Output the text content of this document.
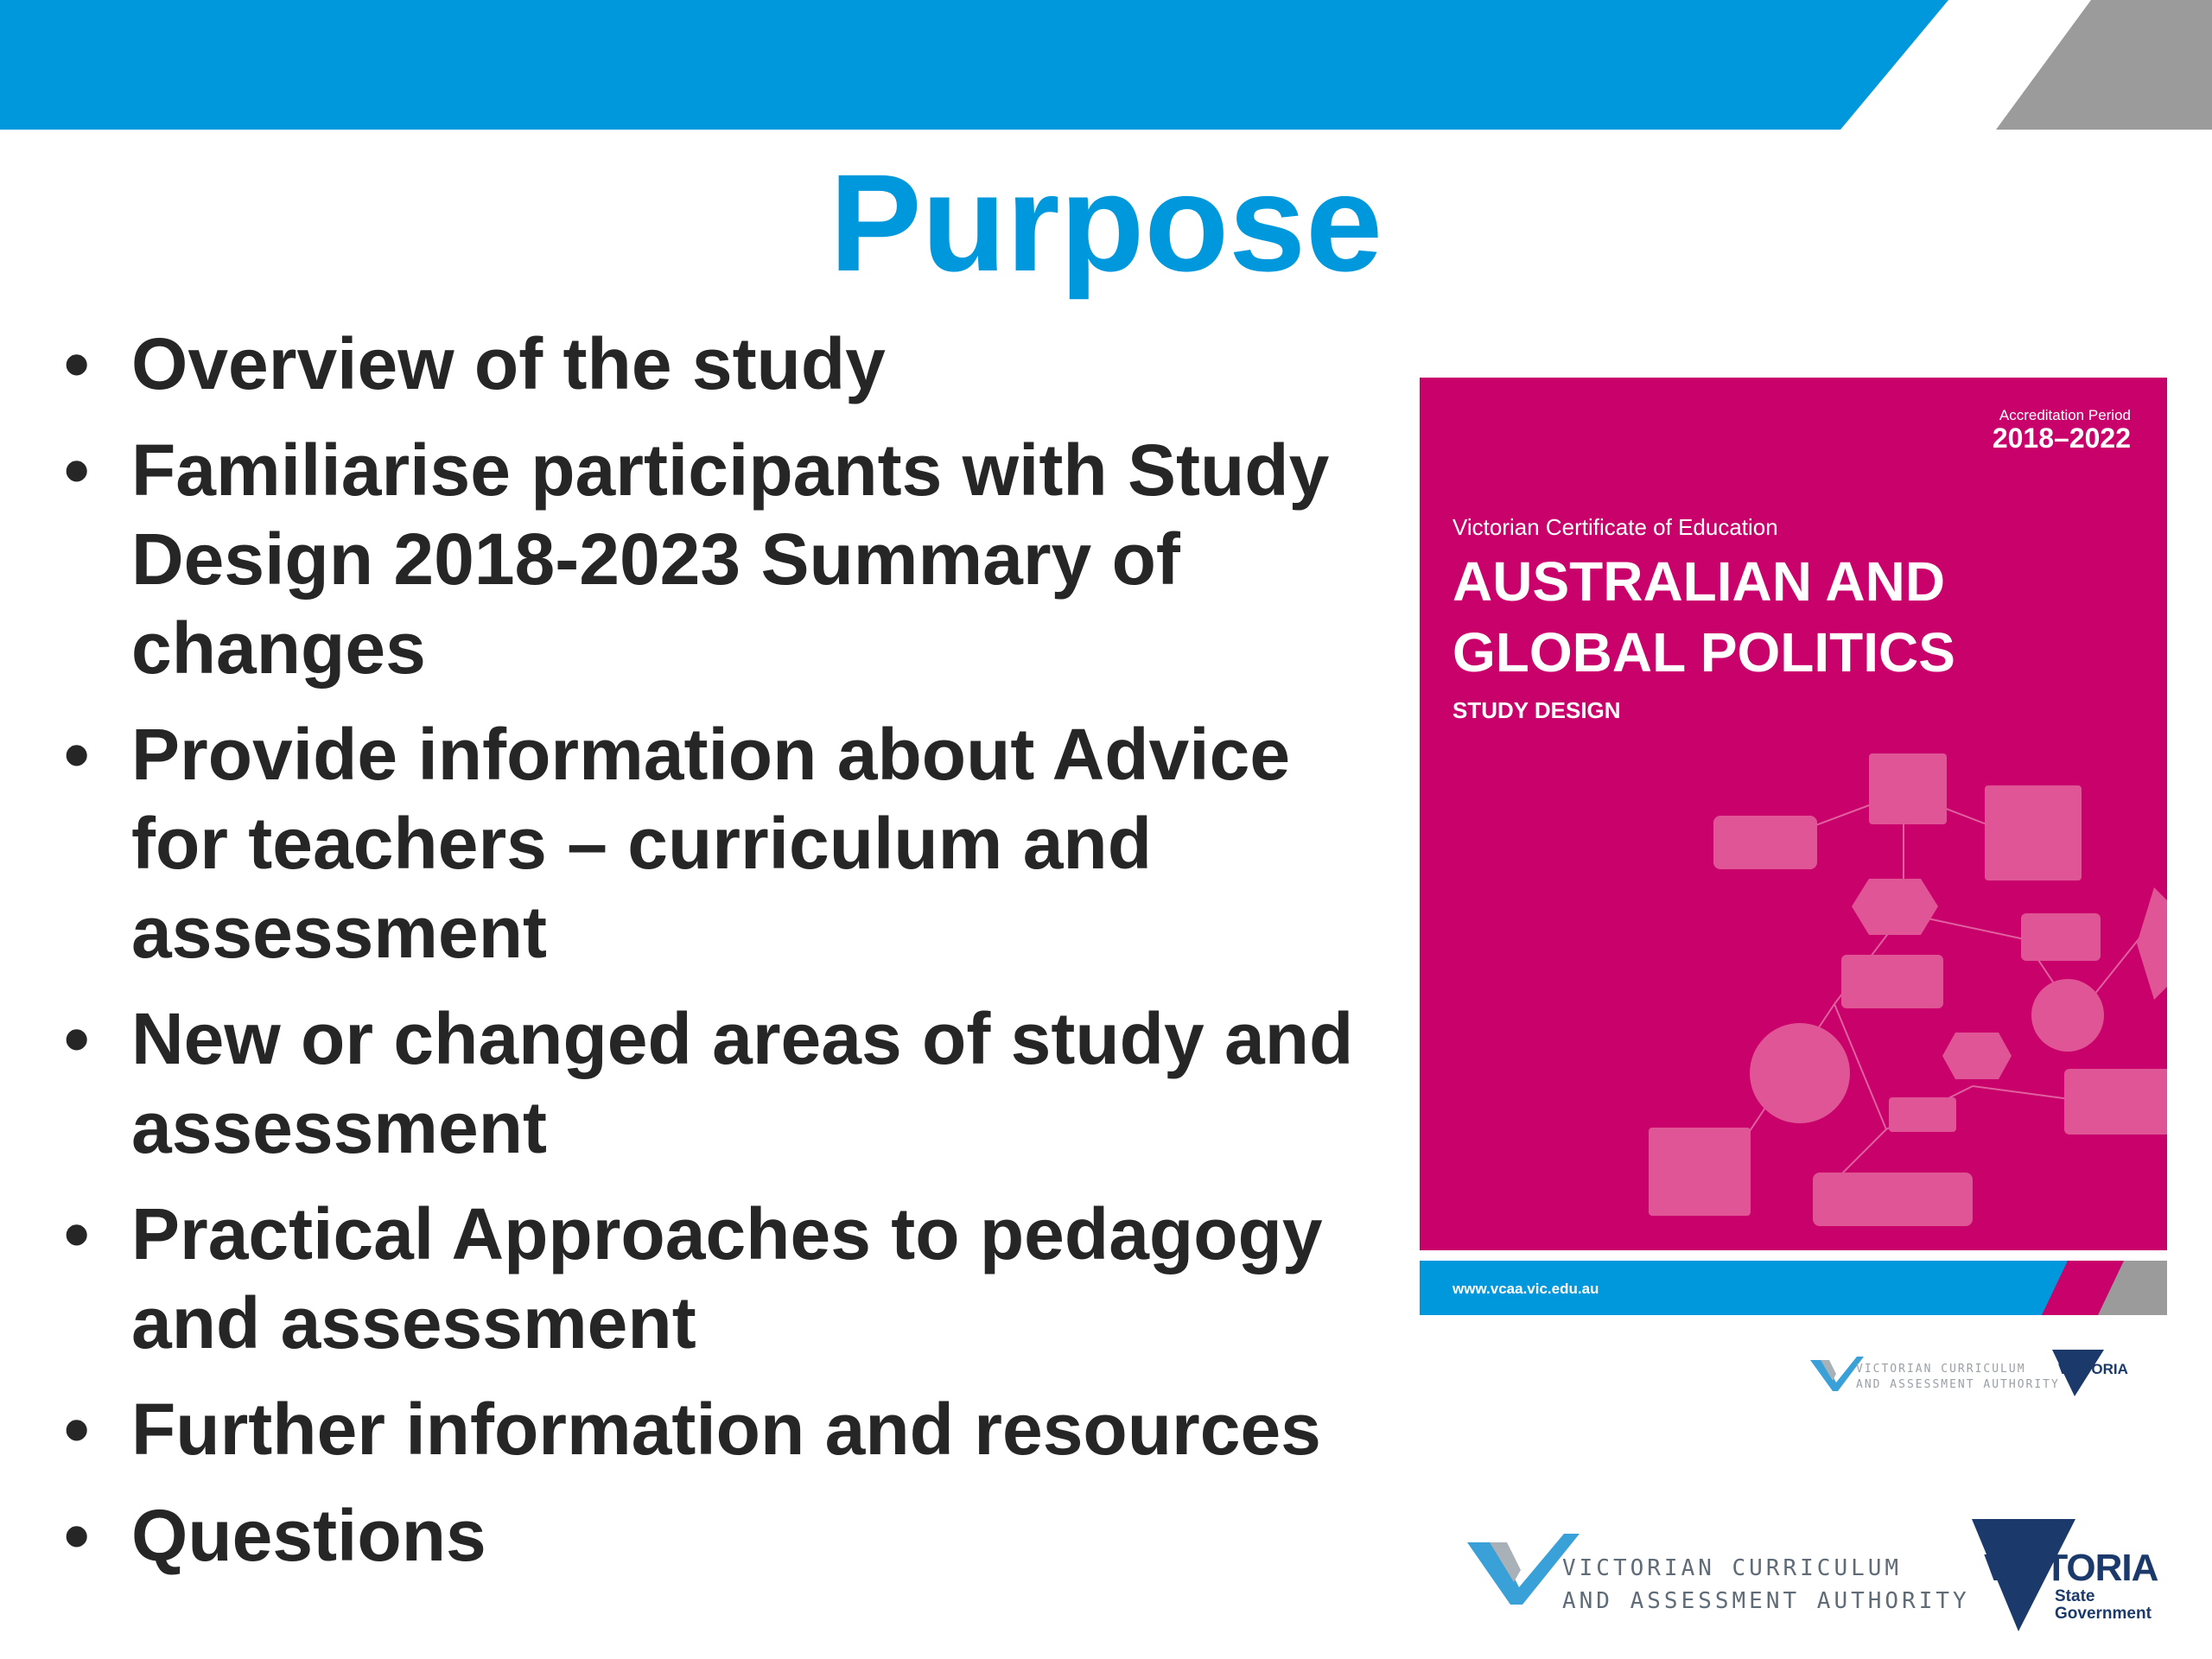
Purpose
• Overview of the study
• Familiarise participants with Study Design 2018-2023 Summary of changes
• Provide information about Advice for teachers – curriculum and assessment
• New or changed areas of study and assessment
• Practical Approaches to pedagogy and assessment
• Further information and resources
• Questions
Accreditation Period
2018–2022
Victorian Certificate of Education
AUSTRALIAN AND GLOBAL POLITICS
STUDY DESIGN
www.vcaa.vic.edu.au
VICTORIAN CURRICULUM
AND ASSESSMENT AUTHORITY
VICTORIA
VICTORIAN CURRICULUM
AND ASSESSMENT AUTHORITY
VICTORIA
State
Government
